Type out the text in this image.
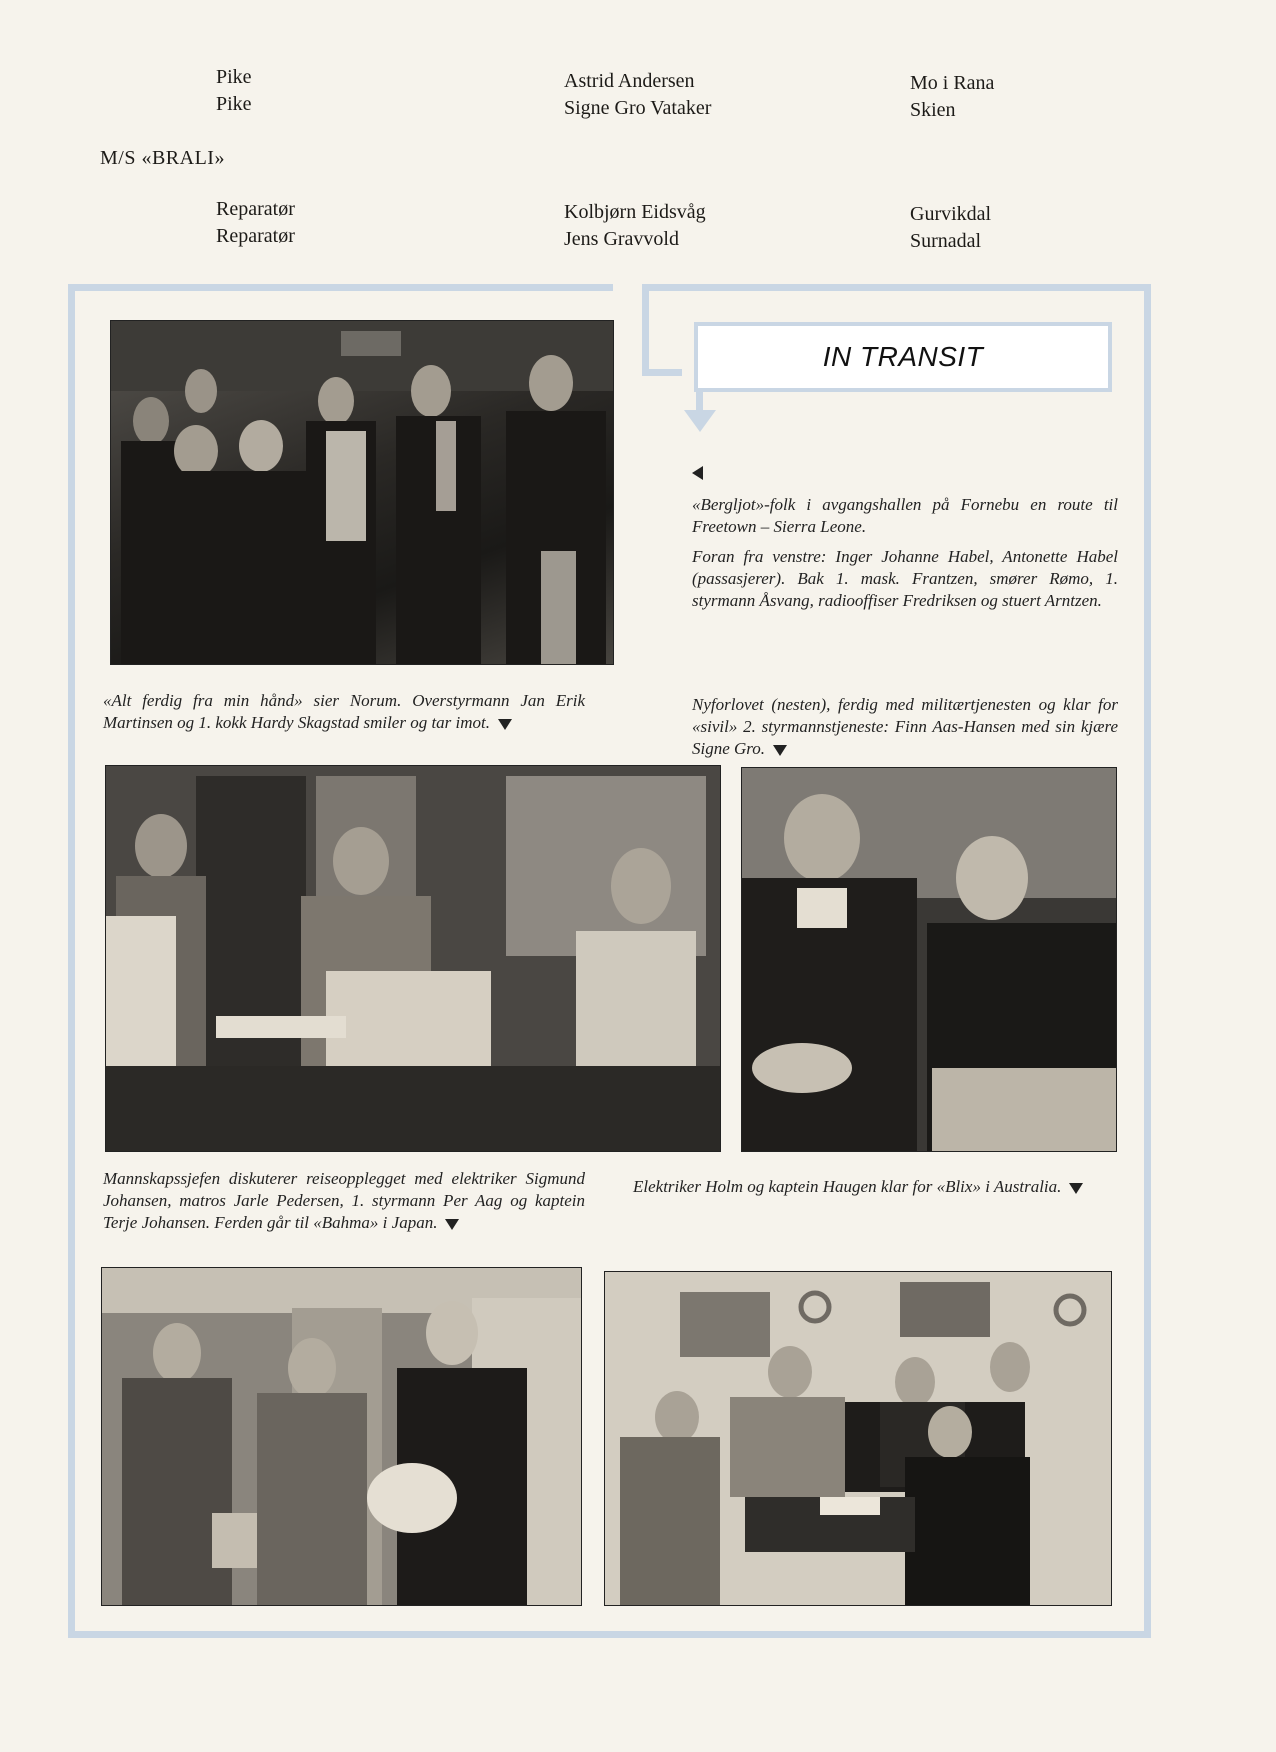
Pike
Pike
Astrid Andersen
Signe Gro Vataker
Mo i Rana
Skien
M/S «BRALI»
Reparatør
Reparatør
Kolbjørn Eidsvåg
Jens Gravvold
Gurvikdal
Surnadal
IN TRANSIT
«Bergljot»-folk i avgangshallen på Fornebu en route til Freetown – Sierra Leone.
Foran fra venstre: Inger Johanne Habel, Antonette Habel (passasjerer). Bak 1. mask. Frantzen, smører Rømo, 1. styrmann Åsvang, radiooffiser Fredriksen og stuert Arntzen.
«Alt ferdig fra min hånd» sier Norum. Overstyrmann Jan Erik Martinsen og 1. kokk Hardy Skagstad smiler og tar imot.
Nyforlovet (nesten), ferdig med militærtjenesten og klar for «sivil» 2. styrmannstjeneste: Finn Aas-Hansen med sin kjære Signe Gro.
Mannskapssjefen diskuterer reiseopplegget med elektriker Sigmund Johansen, matros Jarle Pedersen, 1. styrmann Per Aag og kaptein Terje Johansen. Ferden går til «Bahma» i Japan.
Elektriker Holm og kaptein Haugen klar for «Blix» i Australia.
